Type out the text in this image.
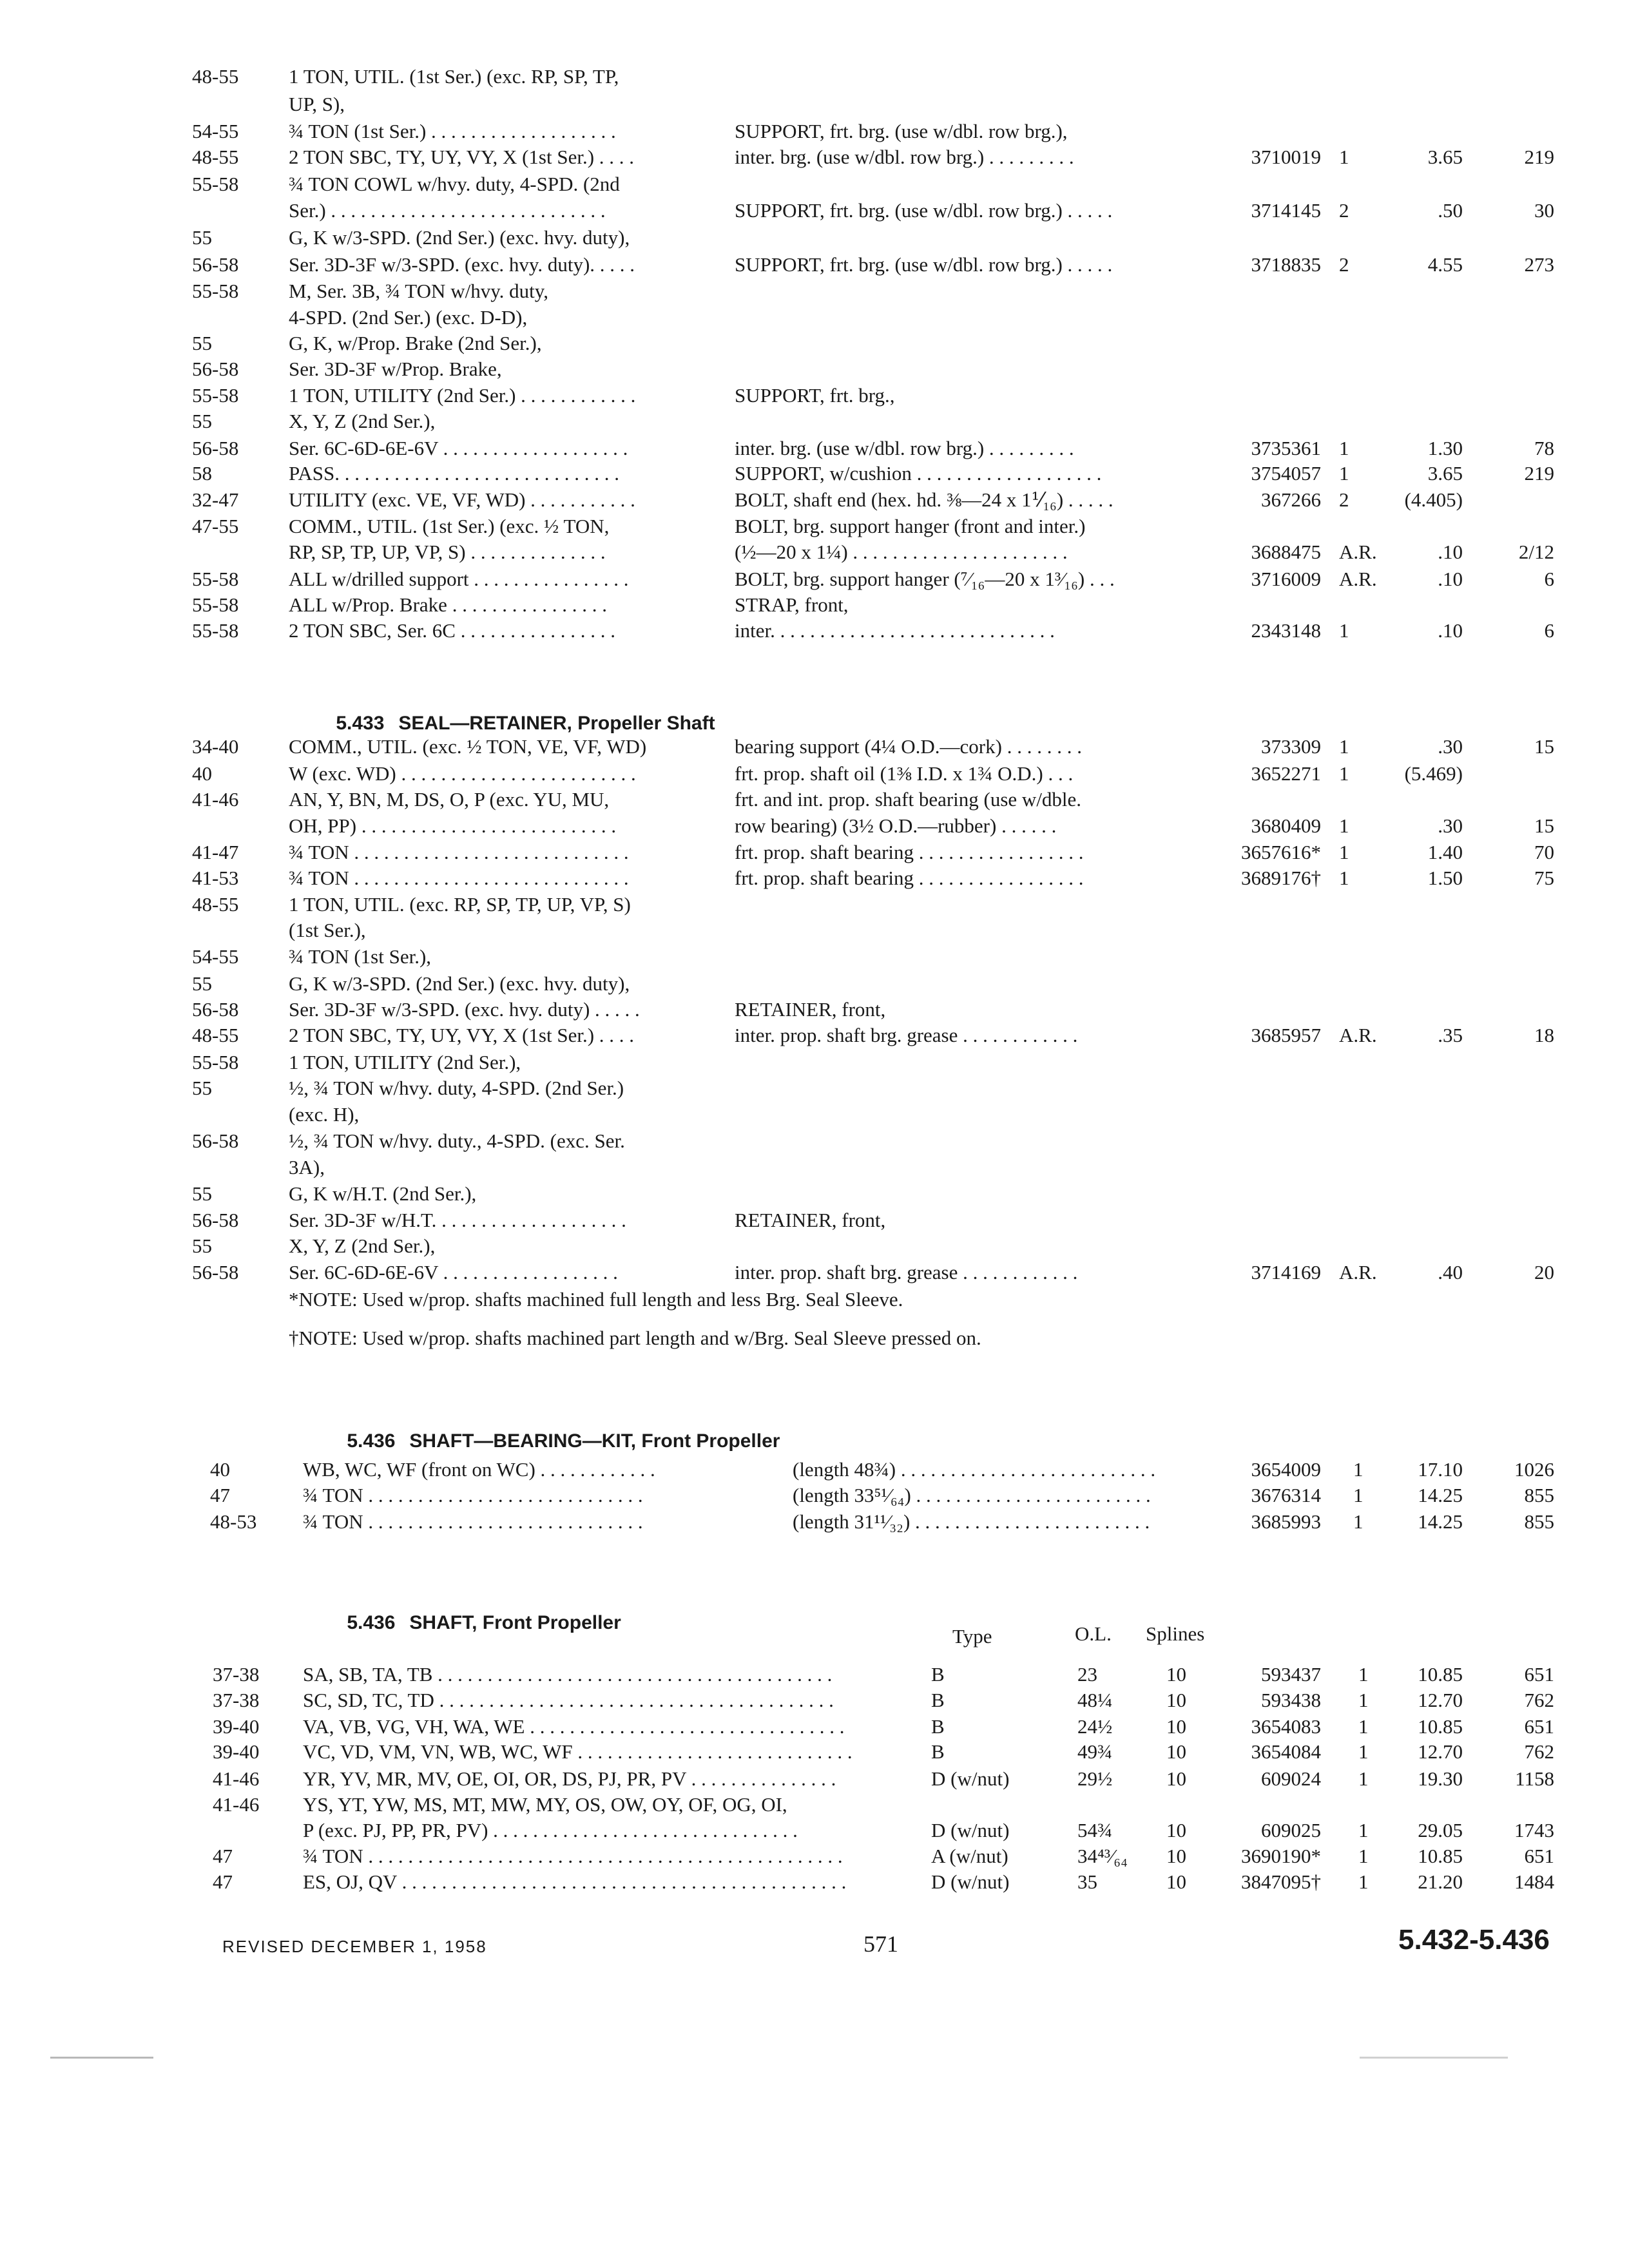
48-55	1 TON, UTIL. (1st Ser.) (exc. RP, SP, TP,
UP, S),
54-55	¾ TON (1st Ser.) . . . . . . . . . . . . . . . . . . .	SUPPORT, frt. brg. (use w/dbl. row brg.),
48-55	2 TON SBC, TY, UY, VY, X (1st Ser.) . . . .	inter. brg. (use w/dbl. row brg.) . . . . . . . . .	3710019 1	3.65	219
55-58	¾ TON COWL w/hvy. duty, 4-SPD. (2nd
Ser.) . . . . . . . . . . . . . . . . . . . . . . . . . . . .	SUPPORT, frt. brg. (use w/dbl. row brg.) . . . . .	3714145 2	.50	30
55	G, K w/3-SPD. (2nd Ser.) (exc. hvy. duty),
56-58	Ser. 3D-3F w/3-SPD. (exc. hvy. duty). . . . .	SUPPORT, frt. brg. (use w/dbl. row brg.) . . . . .	3718835 2	4.55	273
55-58	M, Ser. 3B, ¾ TON w/hvy. duty,
4-SPD. (2nd Ser.) (exc. D-D),
55	G, K, w/Prop. Brake (2nd Ser.),
56-58	Ser. 3D-3F w/Prop. Brake,
55-58	1 TON, UTILITY (2nd Ser.) . . . . . . . . . . . .	SUPPORT, frt. brg.,
55	X, Y, Z (2nd Ser.),
56-58	Ser. 6C-6D-6E-6V . . . . . . . . . . . . . . . . . . .	inter. brg. (use w/dbl. row brg.) . . . . . . . . .	3735361 1	1.30	78
58	PASS. . . . . . . . . . . . . . . . . . . . . . . . . . . . .	SUPPORT, w/cushion . . . . . . . . . . . . . . . . . . .	3754057 1	3.65	219
32-47	UTILITY (exc. VE, VF, WD) . . . . . . . . . . .	BOLT, shaft end (hex. hd. ⅜—24 x 1⅟₁₆) . . . . .	367266 2	(4.405)
47-55	COMM., UTIL. (1st Ser.) (exc. ½ TON,	BOLT, brg. support hanger (front and inter.)
RP, SP, TP, UP, VP, S) . . . . . . . . . . . . . .	(½—20 x 1¼) . . . . . . . . . . . . . . . . . . . . . .	3688475 A.R.	.10	2/12
55-58	ALL w/drilled support . . . . . . . . . . . . . . . .	BOLT, brg. support hanger (⁷⁄₁₆—20 x 1³⁄₁₆) . . .	3716009 A.R.	.10	6
55-58	ALL w/Prop. Brake . . . . . . . . . . . . . . . .	STRAP, front,
55-58	2 TON SBC, Ser. 6C . . . . . . . . . . . . . . . .	inter. . . . . . . . . . . . . . . . . . . . . . . . . . . . .	2343148 1	.10	6

5.433 SEAL—RETAINER, Propeller Shaft

34-40	COMM., UTIL. (exc. ½ TON, VE, VF, WD)	bearing support (4¼ O.D.—cork) . . . . . . . .	373309 1	.30	15
40	W (exc. WD) . . . . . . . . . . . . . . . . . . . . . . . .	frt. prop. shaft oil (1⅜ I.D. x 1¾ O.D.) . . .	3652271 1	(5.469)
41-46	AN, Y, BN, M, DS, O, P (exc. YU, MU,	frt. and int. prop. shaft bearing (use w/dble.
OH, PP) . . . . . . . . . . . . . . . . . . . . . . . . . .	row bearing) (3½ O.D.—rubber) . . . . . .	3680409 1	.30	15
41-47	¾ TON . . . . . . . . . . . . . . . . . . . . . . . . . . . .	frt. prop. shaft bearing . . . . . . . . . . . . . . . . .	3657616* 1	1.40	70
41-53	¾ TON . . . . . . . . . . . . . . . . . . . . . . . . . . . .	frt. prop. shaft bearing . . . . . . . . . . . . . . . . .	3689176† 1	1.50	75
48-55	1 TON, UTIL. (exc. RP, SP, TP, UP, VP, S)
(1st Ser.),
54-55	¾ TON (1st Ser.),
55	G, K w/3-SPD. (2nd Ser.) (exc. hvy. duty),
56-58	Ser. 3D-3F w/3-SPD. (exc. hvy. duty) . . . . .	RETAINER, front,
48-55	2 TON SBC, TY, UY, VY, X (1st Ser.) . . . .	inter. prop. shaft brg. grease . . . . . . . . . . . .	3685957 A.R.	.35	18
55-58	1 TON, UTILITY (2nd Ser.),
55	½, ¾ TON w/hvy. duty, 4-SPD. (2nd Ser.)
(exc. H),
56-58	½, ¾ TON w/hvy. duty., 4-SPD. (exc. Ser.
3A),
55	G, K w/H.T. (2nd Ser.),
56-58	Ser. 3D-3F w/H.T. . . . . . . . . . . . . . . . . . . .	RETAINER, front,
55	X, Y, Z (2nd Ser.),
56-58	Ser. 6C-6D-6E-6V . . . . . . . . . . . . . . . . . .	inter. prop. shaft brg. grease . . . . . . . . . . . .	3714169 A.R.	.40	20
*NOTE: Used w/prop. shafts machined full length and less Brg. Seal Sleeve.
†NOTE: Used w/prop. shafts machined part length and w/Brg. Seal Sleeve pressed on.

5.436 SHAFT—BEARING—KIT, Front Propeller

40	WB, WC, WF (front on WC) . . . . . . . . . . . .	(length 48¾) . . . . . . . . . . . . . . . . . . . . . . . . . .	3654009 1	17.10	1026
47	¾ TON . . . . . . . . . . . . . . . . . . . . . . . . . . . .	(length 33⁵¹⁄₆₄) . . . . . . . . . . . . . . . . . . . . . . . .	3676314 1	14.25	855
48-53 ¾ TON . . . . . . . . . . . . . . . . . . . . . . . . . . . .	(length 31¹¹⁄₃₂) . . . . . . . . . . . . . . . . . . . . . . . .	3685993 1	14.25	855

5.436 SHAFT, Front Propeller

Type	O.L. Splines
37-38 SA, SB, TA, TB . . . . . . . . . . . . . . . . . . . . . . . . . . . . . . . . . . . . . . . .	B	23	10	593437 1 10.85	651
37-38 SC, SD, TC, TD . . . . . . . . . . . . . . . . . . . . . . . . . . . . . . . . . . . . . . . .	B	48¼	10	593438 1 12.70	762
39-40 VA, VB, VG, VH, WA, WE . . . . . . . . . . . . . . . . . . . . . . . . . . . . . . . .	B	24½	10	3654083 1 10.85	651
39-40 VC, VD, VM, VN, WB, WC, WF . . . . . . . . . . . . . . . . . . . . . . . . . . . .	B	49¾	10	3654084 1 12.70	762
41-46 YR, YV, MR, MV, OE, OI, OR, DS, PJ, PR, PV . . . . . . . . . . . . . . .	D (w/nut)	29½	10	609024 1 19.30	1158
41-46 YS, YT, YW, MS, MT, MW, MY, OS, OW, OY, OF, OG, OI,
P (exc. PJ, PP, PR, PV) . . . . . . . . . . . . . . . . . . . . . . . . . . . . . . .	D (w/nut)	54¾	10	609025 1 29.05	1743
47	¾ TON . . . . . . . . . . . . . . . . . . . . . . . . . . . . . . . . . . . . . . . . . . . . . . . .	A (w/nut)	34⁴³⁄₆₄ 10	3690190* 1 10.85	651
47	ES, OJ, QV . . . . . . . . . . . . . . . . . . . . . . . . . . . . . . . . . . . . . . . . . . . . .	D (w/nut)	35	10	3847095† 1 21.20	1484
REVISED DECEMBER 1, 1958	571	5.432-5.436
